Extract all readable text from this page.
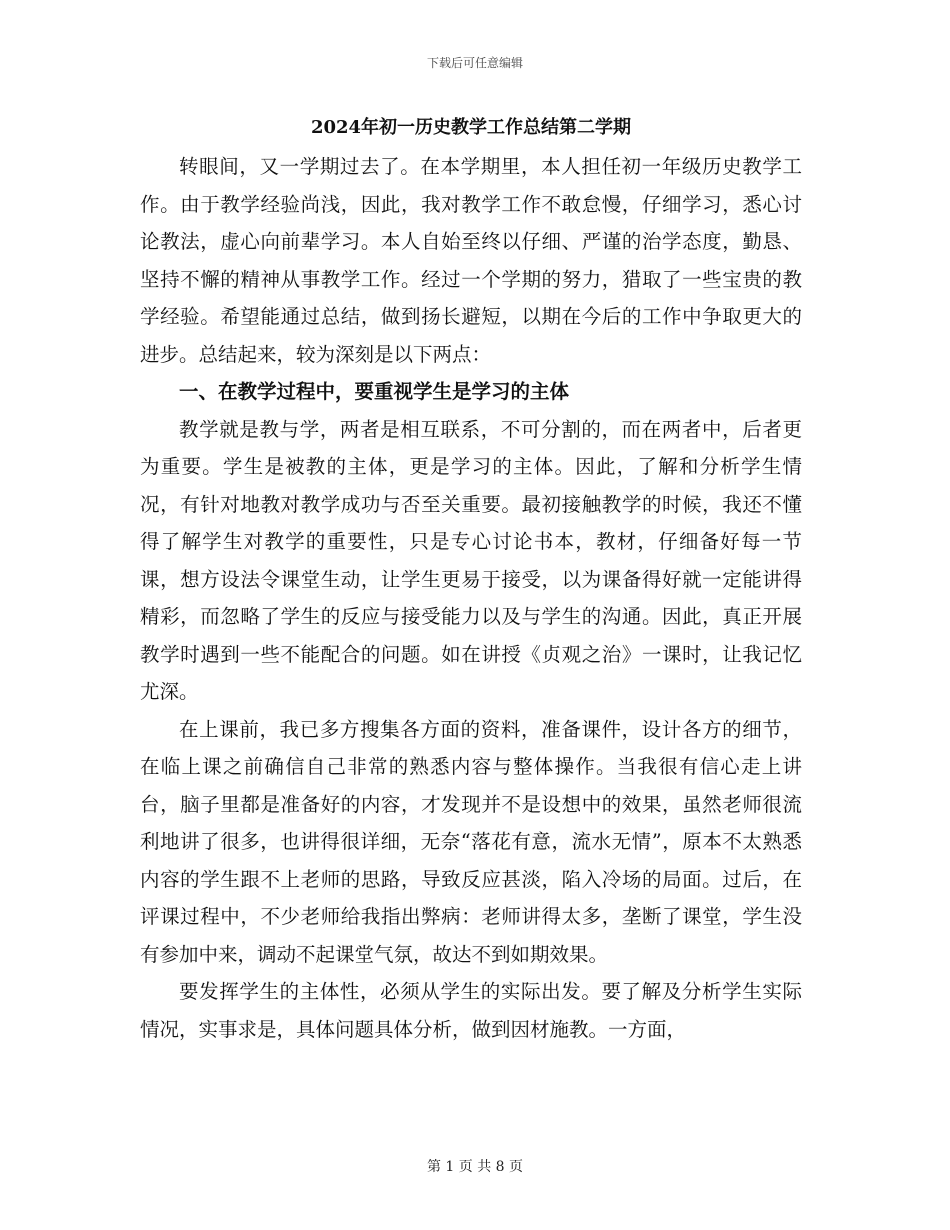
下载后可任意编辑
2024年初一历史教学工作总结第二学期

转眼间，又一学期过去了。在本学期里，本人担任初一年级历史教学工作。由于教学经验尚浅，因此，我对教学工作不敢怠慢，仔细学习，悉心讨论教法，虚心向前辈学习。本人自始至终以仔细、严谨的治学态度，勤恳、坚持不懈的精神从事教学工作。经过一个学期的努力，猎取了一些宝贵的教学经验。希望能通过总结，做到扬长避短，以期在今后的工作中争取更大的进步。总结起来，较为深刻是以下两点：

一、在教学过程中，要重视学生是学习的主体

教学就是教与学，两者是相互联系，不可分割的，而在两者中，后者更为重要。学生是被教的主体，更是学习的主体。因此，了解和分析学生情况，有针对地教对教学成功与否至关重要。最初接触教学的时候，我还不懂得了解学生对教学的重要性，只是专心讨论书本，教材，仔细备好每一节课，想方设法令课堂生动，让学生更易于接受，以为课备得好就一定能讲得精彩，而忽略了学生的反应与接受能力以及与学生的沟通。因此，真正开展教学时遇到一些不能配合的问题。如在讲授《贞观之治》一课时，让我记忆尤深。

在上课前，我已多方搜集各方面的资料，准备课件，设计各方的细节，在临上课之前确信自己非常的熟悉内容与整体操作。当我很有信心走上讲台，脑子里都是准备好的内容，才发现并不是设想中的效果，虽然老师很流利地讲了很多，也讲得很详细，无奈“落花有意，流水无情”，原本不太熟悉内容的学生跟不上老师的思路，导致反应甚淡，陷入冷场的局面。过后，在评课过程中，不少老师给我指出弊病：老师讲得太多，垄断了课堂，学生没有参加中来，调动不起课堂气氛，故达不到如期效果。

要发挥学生的主体性，必须从学生的实际出发。要了解及分析学生实际情况，实事求是，具体问题具体分析，做到因材施教。一方面，

第 1 页 共 8 页
